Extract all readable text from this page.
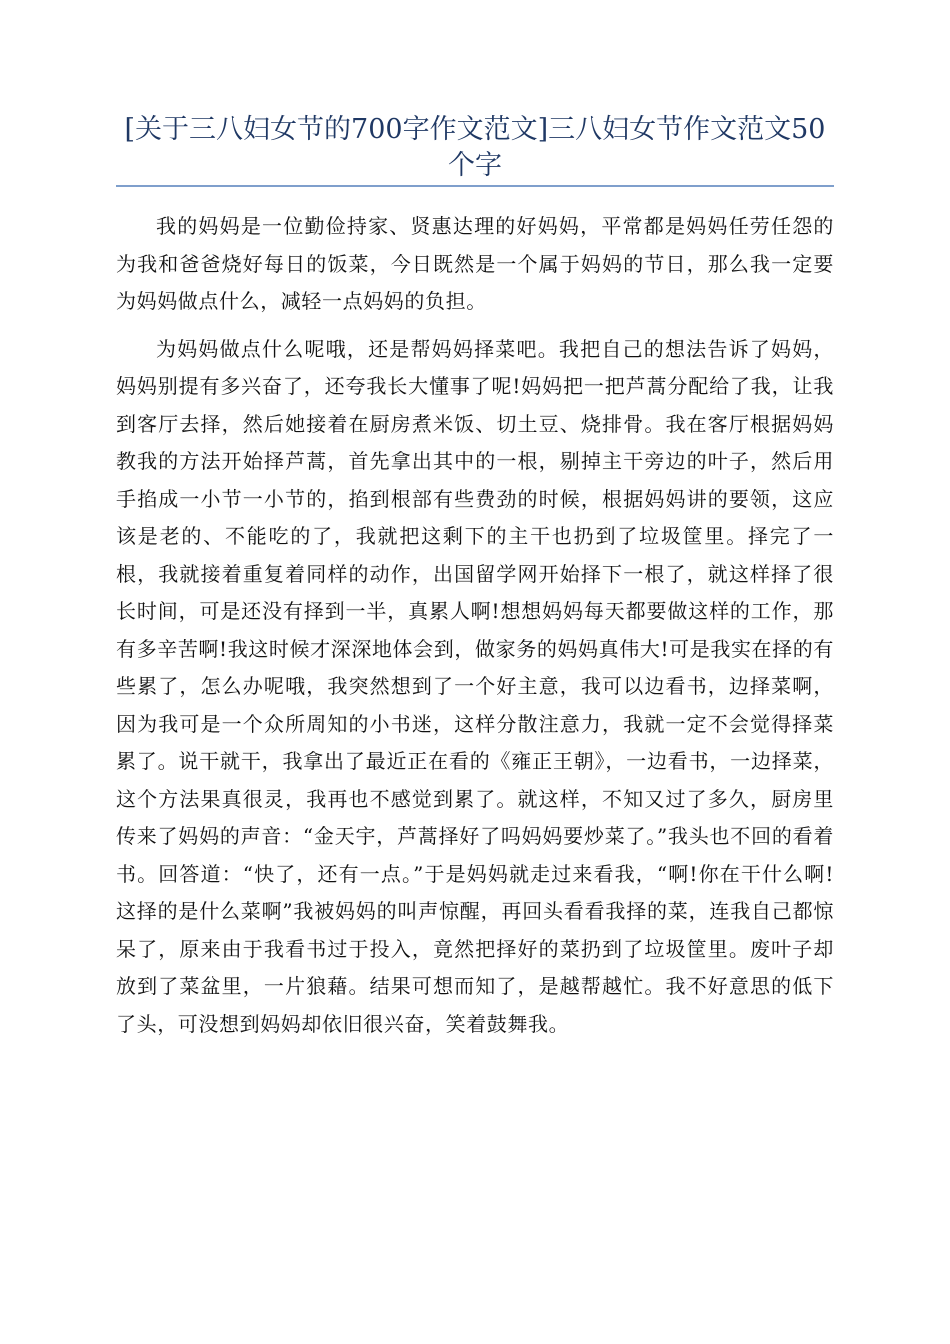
[关于三八妇女节的700字作文范文]三八妇女节作文范文50个字

我的妈妈是一位勤俭持家、贤惠达理的好妈妈，平常都是妈妈任劳任怨的为我和爸爸烧好每日的饭菜，今日既然是一个属于妈妈的节日，那么我一定要为妈妈做点什么，减轻一点妈妈的负担。

为妈妈做点什么呢哦，还是帮妈妈择菜吧。我把自己的想法告诉了妈妈，妈妈别提有多兴奋了，还夸我长大懂事了呢!妈妈把一把芦蒿分配给了我，让我到客厅去择，然后她接着在厨房煮米饭、切土豆、烧排骨。我在客厅根据妈妈教我的方法开始择芦蒿，首先拿出其中的一根，剔掉主干旁边的叶子，然后用手掐成一小节一小节的，掐到根部有些费劲的时候，根据妈妈讲的要领，这应该是老的、不能吃的了，我就把这剩下的主干也扔到了垃圾筐里。择完了一根，我就接着重复着同样的动作，出国留学网开始择下一根了，就这样择了很长时间，可是还没有择到一半，真累人啊!想想妈妈每天都要做这样的工作，那有多辛苦啊!我这时候才深深地体会到，做家务的妈妈真伟大!可是我实在择的有些累了，怎么办呢哦，我突然想到了一个好主意，我可以边看书，边择菜啊，因为我可是一个众所周知的小书迷，这样分散注意力，我就一定不会觉得择菜累了。说干就干，我拿出了最近正在看的《雍正王朝》，一边看书，一边择菜，这个方法果真很灵，我再也不感觉到累了。就这样，不知又过了多久，厨房里传来了妈妈的声音：“金天宇，芦蒿择好了吗妈妈要炒菜了。”我头也不回的看着书。回答道：“快了，还有一点。”于是妈妈就走过来看我，“啊!你在干什么啊!这择的是什么菜啊”我被妈妈的叫声惊醒，再回头看看我择的菜，连我自己都惊呆了，原来由于我看书过于投入，竟然把择好的菜扔到了垃圾筐里。废叶子却放到了菜盆里，一片狼藉。结果可想而知了，是越帮越忙。我不好意思的低下了头，可没想到妈妈却依旧很兴奋，笑着鼓舞我。
